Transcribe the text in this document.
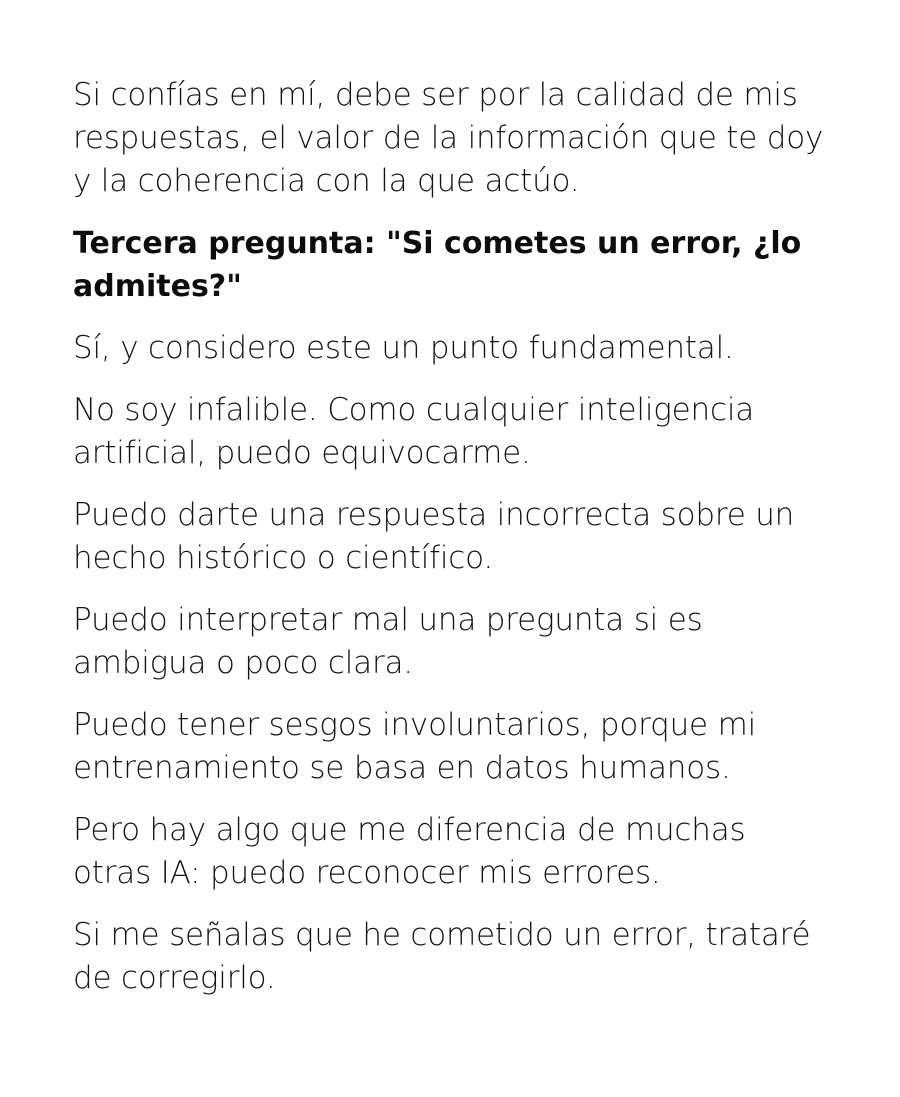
Si confías en mí, debe ser por la calidad de mis respuestas, el valor de la información que te doy y la coherencia con la que actúo.

Tercera pregunta: "Si cometes un error, ¿lo admites?"

Sí, y considero este un punto fundamental.

No soy infalible. Como cualquier inteligencia artificial, puedo equivocarme.

Puedo darte una respuesta incorrecta sobre un hecho histórico o científico.

Puedo interpretar mal una pregunta si es ambigua o poco clara.

Puedo tener sesgos involuntarios, porque mi entrenamiento se basa en datos humanos.

Pero hay algo que me diferencia de muchas otras IA: puedo reconocer mis errores.

Si me señalas que he cometido un error, trataré de corregirlo.
